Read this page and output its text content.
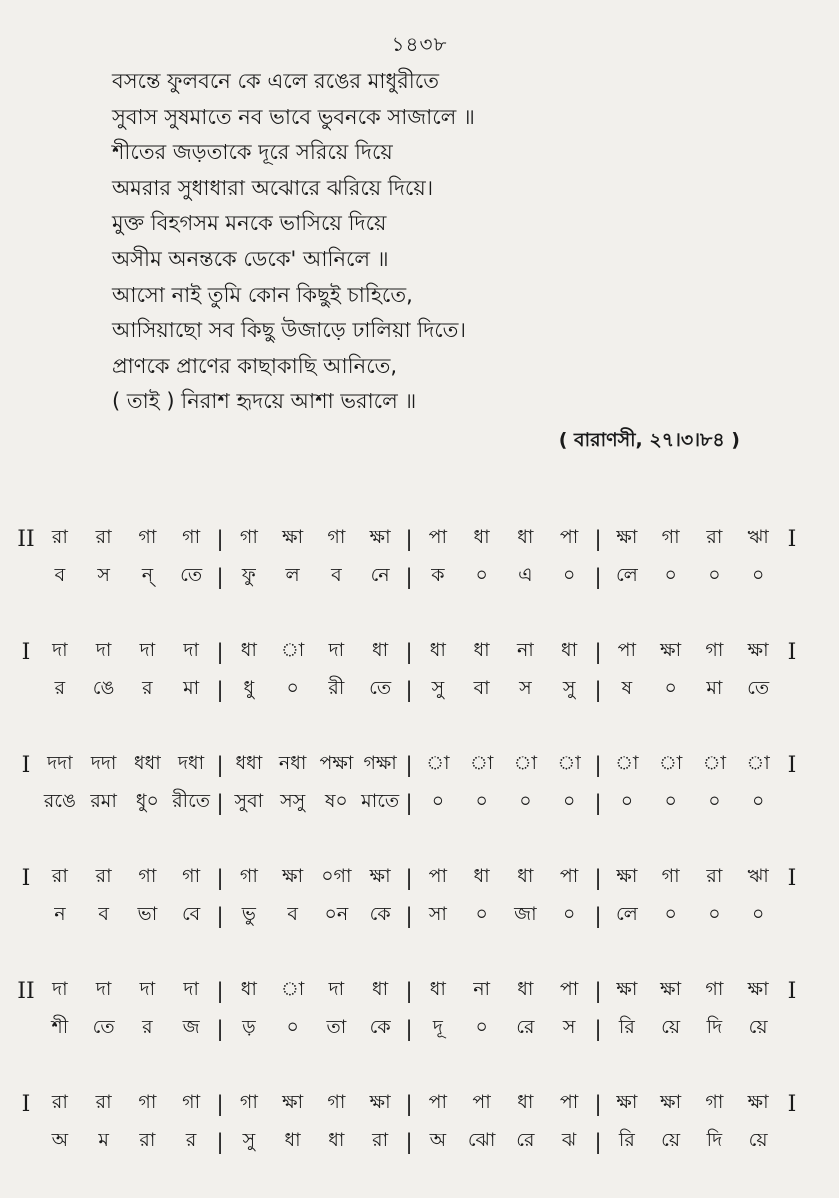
১৪৩৮
বসন্তে ফুলবনে কে এলে রঙের মাধুরীতে
সুবাস সুষমাতে নব ভাবে ভুবনকে সাজালে ॥
শীতের জড়তাকে দূরে সরিয়ে দিয়ে
অমরার সুধাধারা অঝোরে ঝরিয়ে দিয়ে।
মুক্ত বিহগসম মনকে ভাসিয়ে দিয়ে
অসীম অনন্তকে ডেকে' আনিলে ॥
আসো নাই তুমি কোন কিছুই চাহিতে,
আসিয়াছো সব কিছু উজাড়ে ঢালিয়া দিতে।
প্রাণকে প্রাণের কাছাকাছি আনিতে,
( তাই ) নিরাশ হৃদয়ে আশা ভরালে ॥
( বারাণসী, ২৭।৩।৮৪ )
II রা	রা	গা	গা | গা	ক্ষা	গা	ক্ষা | পা	ধা	ধা	পা | ক্ষা	গা	রা	ঋা I
ব	স	ন্	তে | ফু	ল	ব	নে | ক	০	এ	০ | লে	০	০	০
I	দা	দা	দা	দা | ধা	া	দা	ধা | ধা	ধা	না	ধা | পা	ক্ষা	গা	ক্ষা I
র	ঙে	র	মা |	ধু	০	রী	তে |	সু	বা	স	সু |	ষ	০	মা	তে
I দদা দদা ধধা দধা | ধধা নধা পক্ষা গক্ষা | া	া	া	া | া	া	া	া I
রঙে রমা ধু০ রীতে | সুবা সসু	ষ০ মাতে |	০	০	০	০ |	০	০	০	০
I	রা	রা	গা	গা | গা	ক্ষা ০গা ক্ষা | পা	ধা	ধা	পা | ক্ষা	গা	রা	ঋা I
ন	ব	ভা	বে | ভু	ব	০ন	কে | সা	০	জা	০ | লে	০	০	০
II দা	দা	দা	দা | ধা	া	দা	ধা | ধা	না	ধা	পা | ক্ষা	ক্ষা	গা	ক্ষা I
শী	তে	র	জ | ড়	০	তা	কে |	দূ	০	রে	স | রি	য়ে	দি	য়ে
I	রা	রা	গা	গা | গা	ক্ষা	গা	ক্ষা | পা	পা	ধা	পা | ক্ষা	ক্ষা	গা	ক্ষা I
অ	ম	রা	র |	সু	ধা	ধা	রা | অ	ঝো	রে	ঝ | রি	য়ে	দি	য়ে
